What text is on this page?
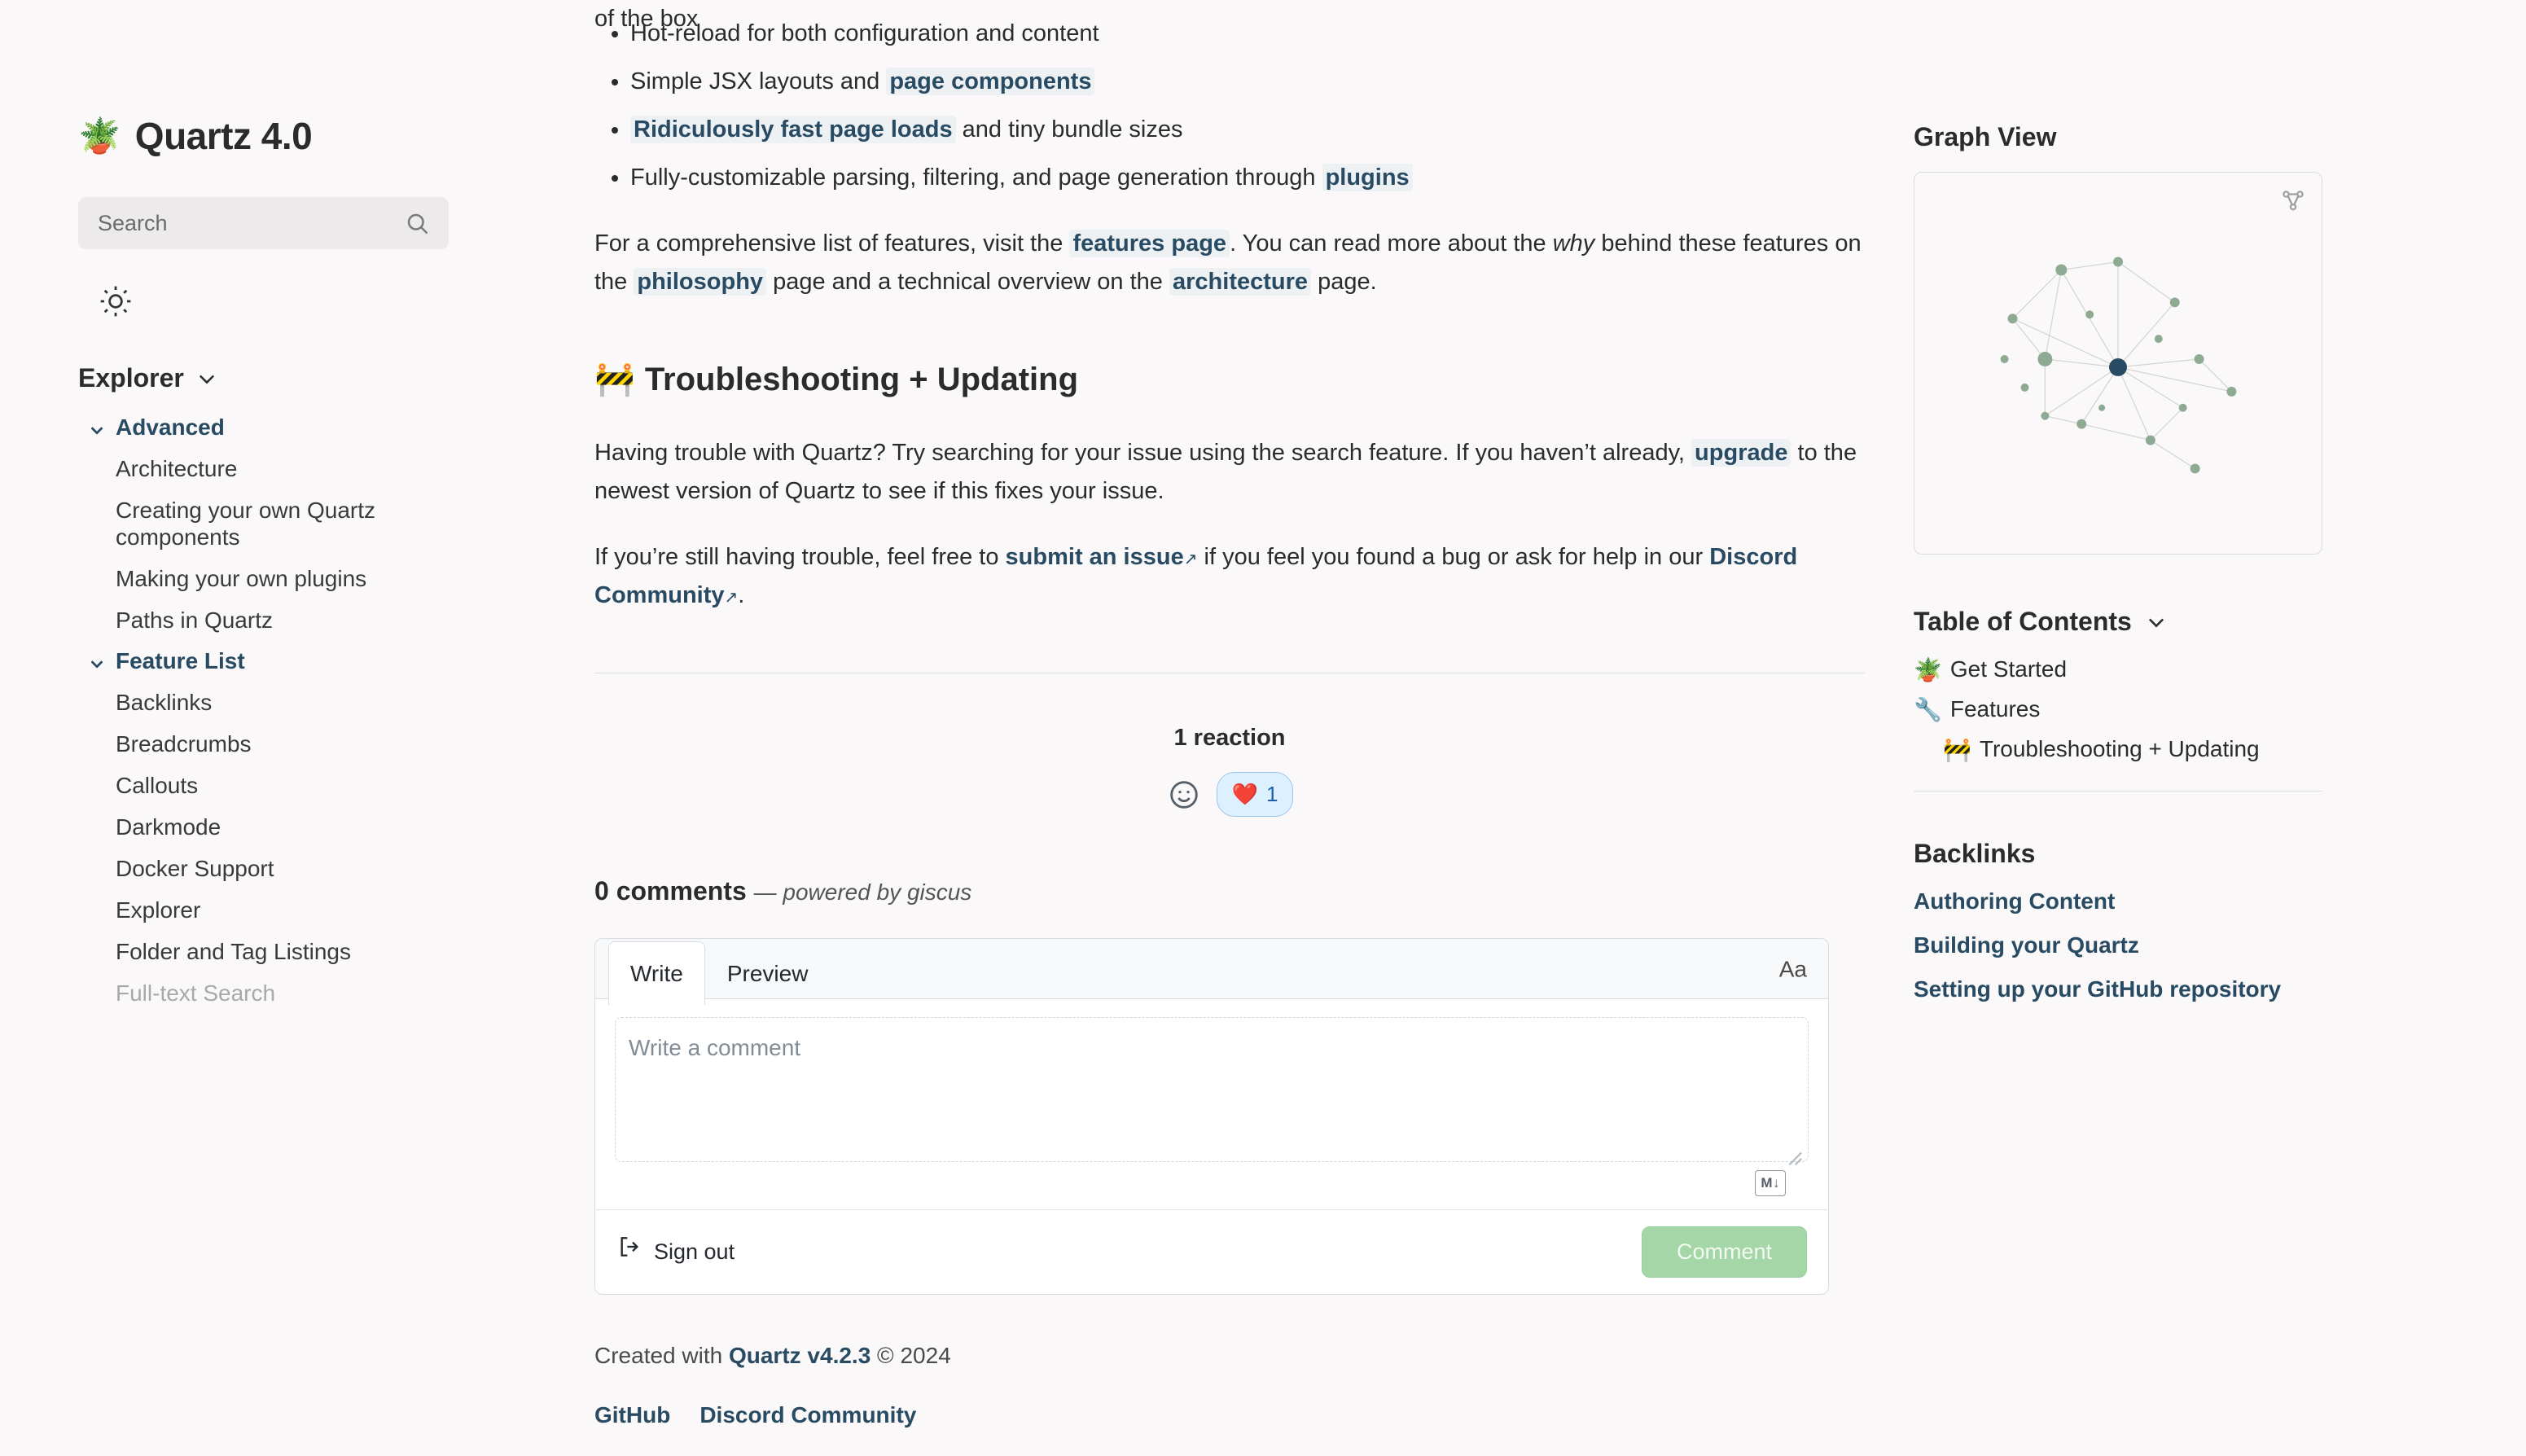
🪴 Quartz 4.0
Search
Explorer
Advanced
Architecture
Creating your own Quartz components
Making your own plugins
Paths in Quartz
Feature List
Backlinks
Breadcrumbs
Callouts
Darkmode
Docker Support
Explorer
Folder and Tag Listings
Full-text Search
of the box
• Hot-reload for both configuration and content
• Simple JSX layouts and page components
• Ridiculously fast page loads and tiny bundle sizes
• Fully-customizable parsing, filtering, and page generation through plugins

For a comprehensive list of features, visit the features page . You can read more about the why behind these features on the philosophy page and a technical overview on the architecture page.

🚧 Troubleshooting + Updating

Having trouble with Quartz? Try searching for your issue using the search feature. If you haven’t already, upgrade to the newest version of Quartz to see if this fixes your issue.

If you’re still having trouble, feel free to submit an issue↗ if you feel you found a bug or ask for help in our Discord Community↗.

1 reaction
❤️ 1
0 comments — powered by giscus
Write	Preview	Aa
Write a comment
M↓
Sign out	Comment
Created with Quartz v4.2.3 © 2024
GitHub Discord Community
Graph View
Table of Contents
🪴 Get Started
🔧 Features
🚧 Troubleshooting + Updating
Backlinks
Authoring Content
Building your Quartz
Setting up your GitHub repository
